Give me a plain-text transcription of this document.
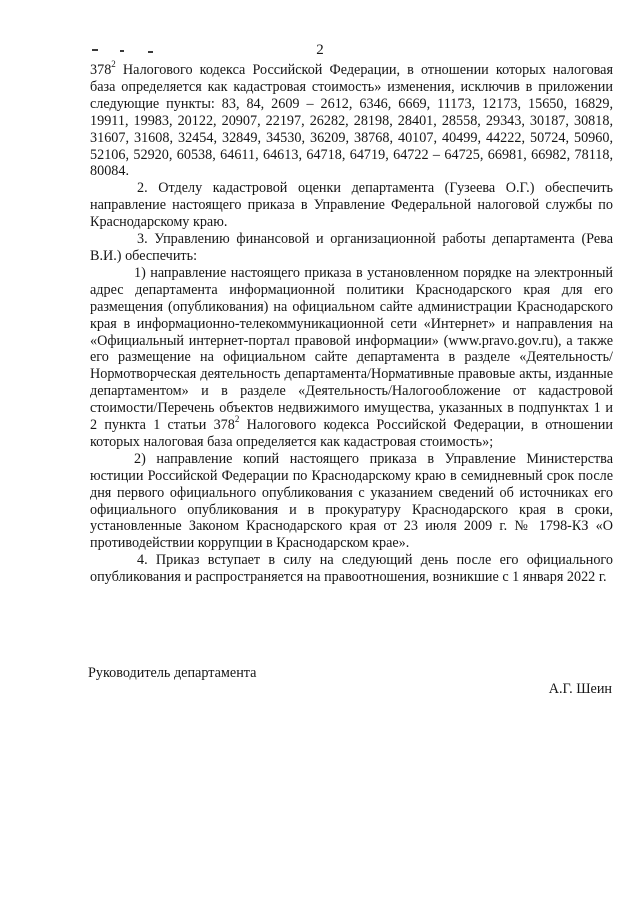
2

$378^2$ Налогового кодекса Российской Федерации, в отношении которых налоговая база определяется как кадастровая стоимость» изменения, исключив в приложении следующие пункты: 83, 84, 2609 – 2612, 6346, 6669, 11173, 12173, 15650, 16829, 19911, 19983, 20122, 20907, 22197, 26282, 28198, 28401, 28558, 29343, 30187, 30818, 31607, 31608, 32454, 32849, 34530, 36209, 38768, 40107, 40499, 44222, 50724, 50960, 52106, 52920, 60538, 64611, 64613, 64718, 64719, 64722 – 64725, 66981, 66982, 78118, 80084.

2. Отделу кадастровой оценки департамента (Гузеева О.Г.) обеспечить направление настоящего приказа в Управление Федеральной налоговой службы по Краснодарскому краю.

3. Управлению финансовой и организационной работы департамента (Рева В.И.) обеспечить:

1) направление настоящего приказа в установленном порядке на электронный адрес департамента информационной политики Краснодарского края для его размещения (опубликования) на официальном сайте администрации Краснодарского края в информационно-телекоммуникационной сети «Интернет» и направления на «Официальный интернет-портал правовой информации» (www.pravo.gov.ru), а также его размещение на официальном сайте департамента в разделе «Деятельность/Нормотворческая деятельность департамента/Нормативные правовые акты, изданные департаментом» и в разделе «Деятельность/Налогообложение от кадастровой стоимости/Перечень объектов недвижимого имущества, указанных в подпунктах 1 и 2 пункта 1 статьи $378^2$ Налогового кодекса Российской Федерации, в отношении которых налоговая база определяется как кадастровая стоимость»;

2) направление копий настоящего приказа в Управление Министерства юстиции Российской Федерации по Краснодарскому краю в семидневный срок после дня первого официального опубликования с указанием сведений об источниках его официального опубликования и в прокуратуру Краснодарского края в сроки, установленные Законом Краснодарского края от 23 июля 2009 г. № 1798-КЗ «О противодействии коррупции в Краснодарском крае».

4. Приказ вступает в силу на следующий день после его официального опубликования и распространяется на правоотношения, возникшие с 1 января 2022 г.

Руководитель департамента
А.Г. Шеин
